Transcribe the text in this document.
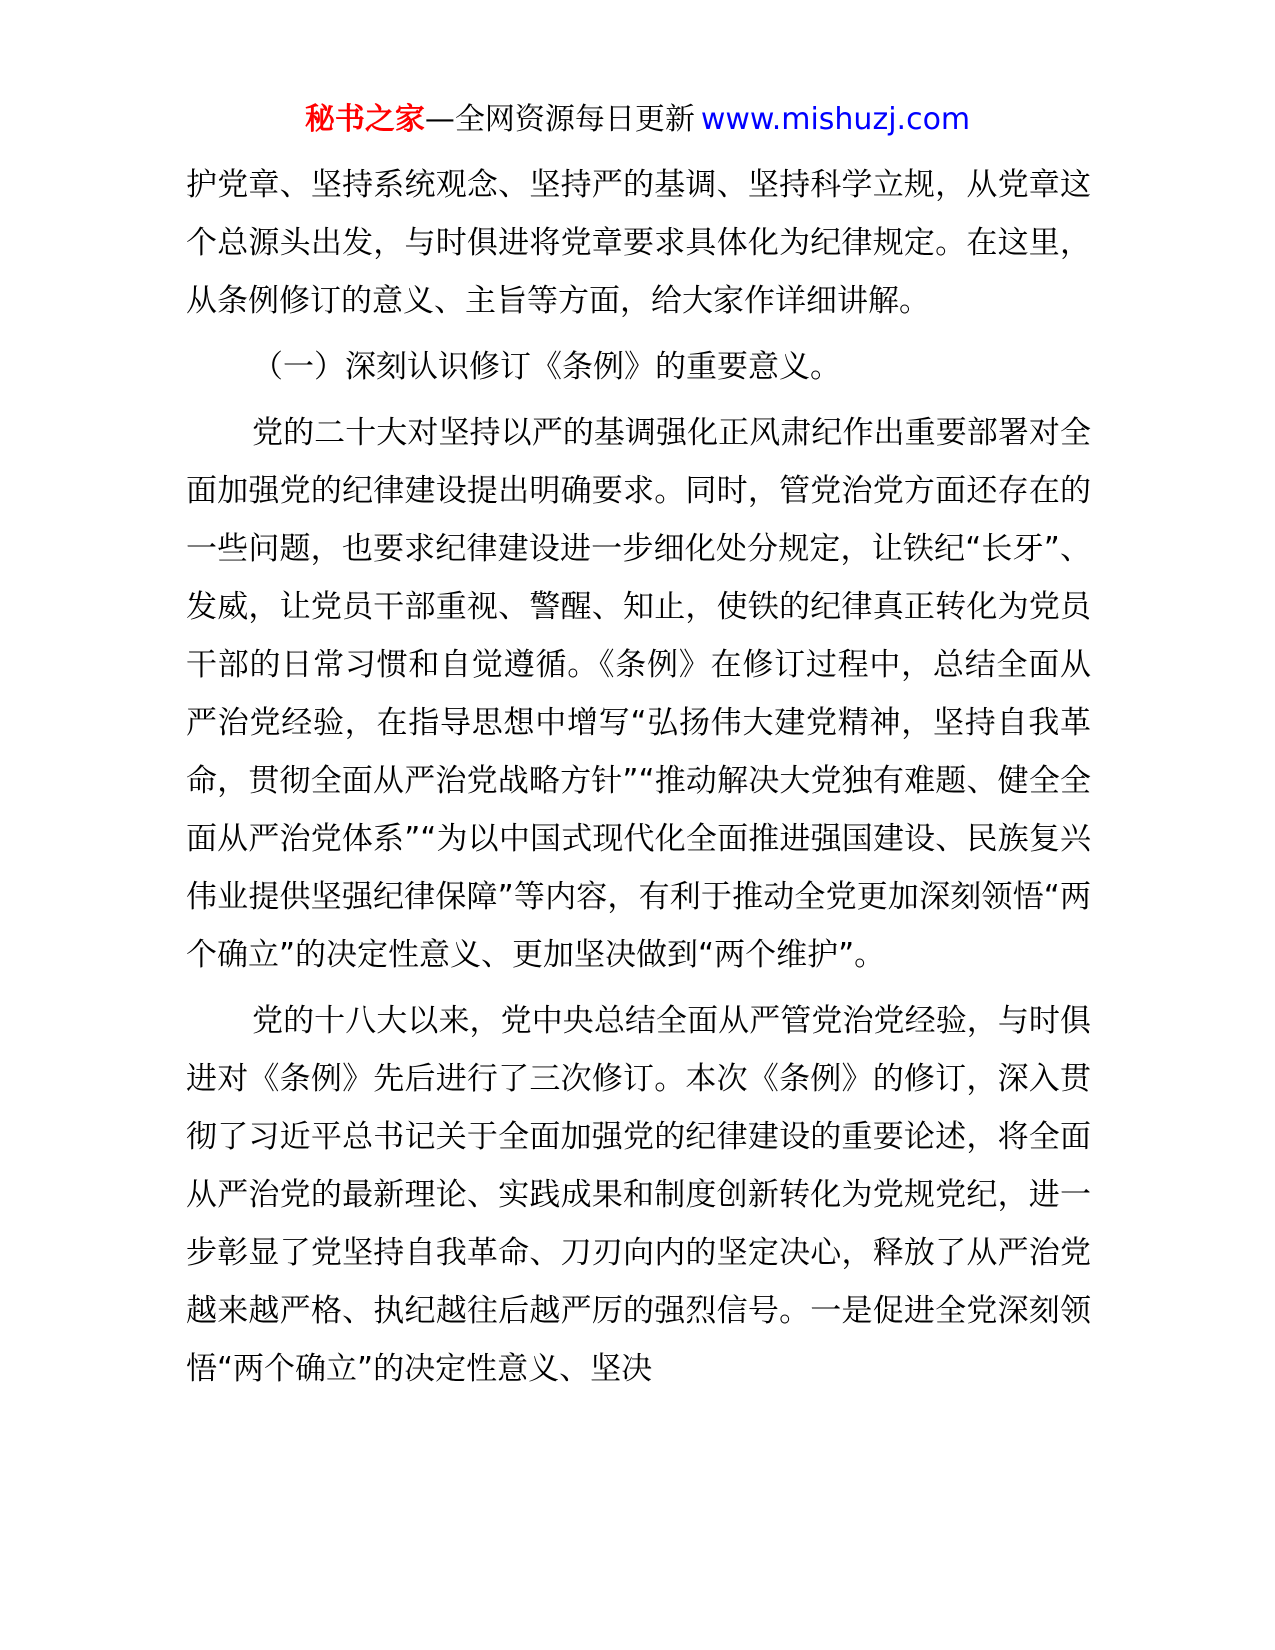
秘书之家—全网资源每日更新 www.mishuzj.com

护党章、坚持系统观念、坚持严的基调、坚持科学立规，从党章这个总源头出发，与时俱进将党章要求具体化为纪律规定。在这里，从条例修订的意义、主旨等方面，给大家作详细讲解。

（一）深刻认识修订《条例》的重要意义。

党的二十大对坚持以严的基调强化正风肃纪作出重要部署对全面加强党的纪律建设提出明确要求。同时，管党治党方面还存在的一些问题，也要求纪律建设进一步细化处分规定，让铁纪“长牙”、发威，让党员干部重视、警醒、知止，使铁的纪律真正转化为党员干部的日常习惯和自觉遵循。《条例》在修订过程中，总结全面从严治党经验，在指导思想中增写“弘扬伟大建党精神，坚持自我革命，贯彻全面从严治党战略方针”“推动解决大党独有难题、健全全面从严治党体系”“为以中国式现代化全面推进强国建设、民族复兴伟业提供坚强纪律保障”等内容，有利于推动全党更加深刻领悟“两个确立”的决定性意义、更加坚决做到“两个维护”。

党的十八大以来，党中央总结全面从严管党治党经验，与时俱进对《条例》先后进行了三次修订。本次《条例》的修订，深入贯彻了习近平总书记关于全面加强党的纪律建设的重要论述，将全面从严治党的最新理论、实践成果和制度创新转化为党规党纪，进一步彰显了党坚持自我革命、刀刃向内的坚定决心，释放了从严治党越来越严格、执纪越往后越严厉的强烈信号。一是促进全党深刻领悟“两个确立”的决定性意义、坚决
